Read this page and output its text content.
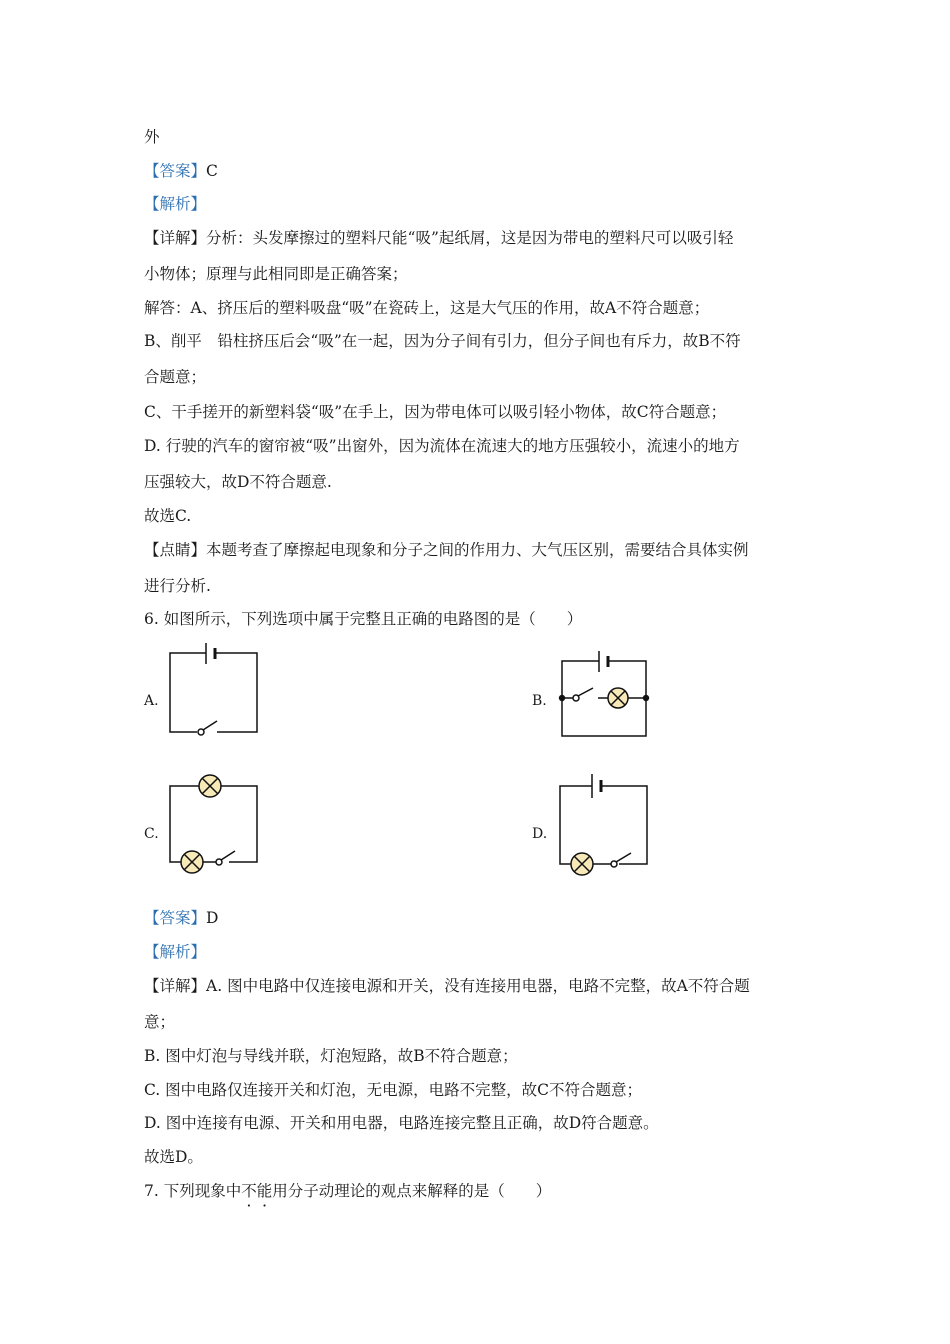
外
【答案】C
【解析】
【详解】分析：头发摩擦过的塑料尺能“吸”起纸屑，这是因为带电的塑料尺可以吸引轻
小物体；原理与此相同即是正确答案；
解答：A、挤压后的塑料吸盘“吸”在瓷砖上，这是大气压的作用，故A不符合题意；
B、削平　铅柱挤压后会“吸”在一起，因为分子间有引力，但分子间也有斥力，故B不符
合题意；
C、干手搓开的新塑料袋“吸”在手上，因为带电体可以吸引轻小物体，故C符合题意；
D. 行驶的汽车的窗帘被“吸”出窗外，因为流体在流速大的地方压强较小，流速小的地方
压强较大，故D不符合题意.
故选C.
【点睛】本题考查了摩擦起电现象和分子之间的作用力、大气压区别，需要结合具体实例
进行分析.
6. 如图所示，下列选项中属于完整且正确的电路图的是（　　）
A.	B.
C.	D.
【答案】D
【解析】
【详解】A. 图中电路中仅连接电源和开关，没有连接用电器，电路不完整，故A不符合题
意；
B. 图中灯泡与导线并联，灯泡短路，故B不符合题意；
C. 图中电路仅连接开关和灯泡，无电源，电路不完整，故C不符合题意；
D. 图中连接有电源、开关和用电器，电路连接完整且正确，故D符合题意。
故选D。
7. 下列现象中不能用分子动理论的观点来解释的是（　　）
